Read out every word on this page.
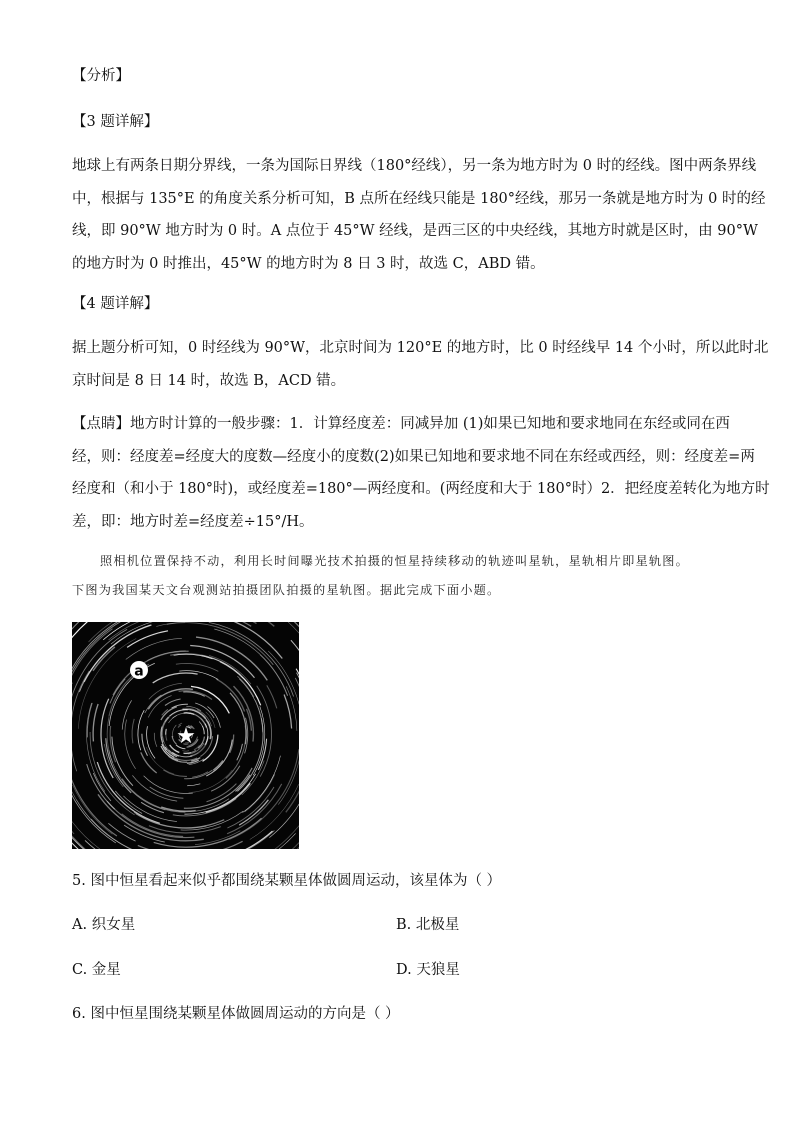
【分析】
【3 题详解】
地球上有两条日期分界线，一条为国际日界线（180°经线），另一条为地方时为 0 时的经线。图中两条界线
中，根据与 135°E 的角度关系分析可知，B 点所在经线只能是 180°经线，那另一条就是地方时为 0 时的经
线，即 90°W 地方时为 0 时。A 点位于 45°W 经线，是西三区的中央经线，其地方时就是区时，由 90°W
的地方时为 0 时推出，45°W 的地方时为 8 日 3 时，故选 C，ABD 错。
【4 题详解】
据上题分析可知，0 时经线为 90°W，北京时间为 120°E 的地方时，比 0 时经线早 14 个小时，所以此时北
京时间是 8 日 14 时，故选 B，ACD 错。
【点睛】地方时计算的一般步骤：1．计算经度差：同减异加 (1)如果已知地和要求地同在东经或同在西
经，则：经度差=经度大的度数—经度小的度数(2)如果已知地和要求地不同在东经或西经，则：经度差=两
经度和（和小于 180°时)，或经度差=180°—两经度和。(两经度和大于 180°时）2．把经度差转化为地方时
差，即：地方时差=经度差÷15°/H。
照相机位置保持不动，利用长时间曝光技术拍摄的恒星持续移动的轨迹叫星轨，星轨相片即星轨图。
下图为我国某天文台观测站拍摄团队拍摄的星轨图。据此完成下面小题。
a
★
5. 图中恒星看起来似乎都围绕某颗星体做圆周运动，该星体为（ ）
A. 织女星	B. 北极星
C. 金星	D. 天狼星
6. 图中恒星围绕某颗星体做圆周运动的方向是（ ）
